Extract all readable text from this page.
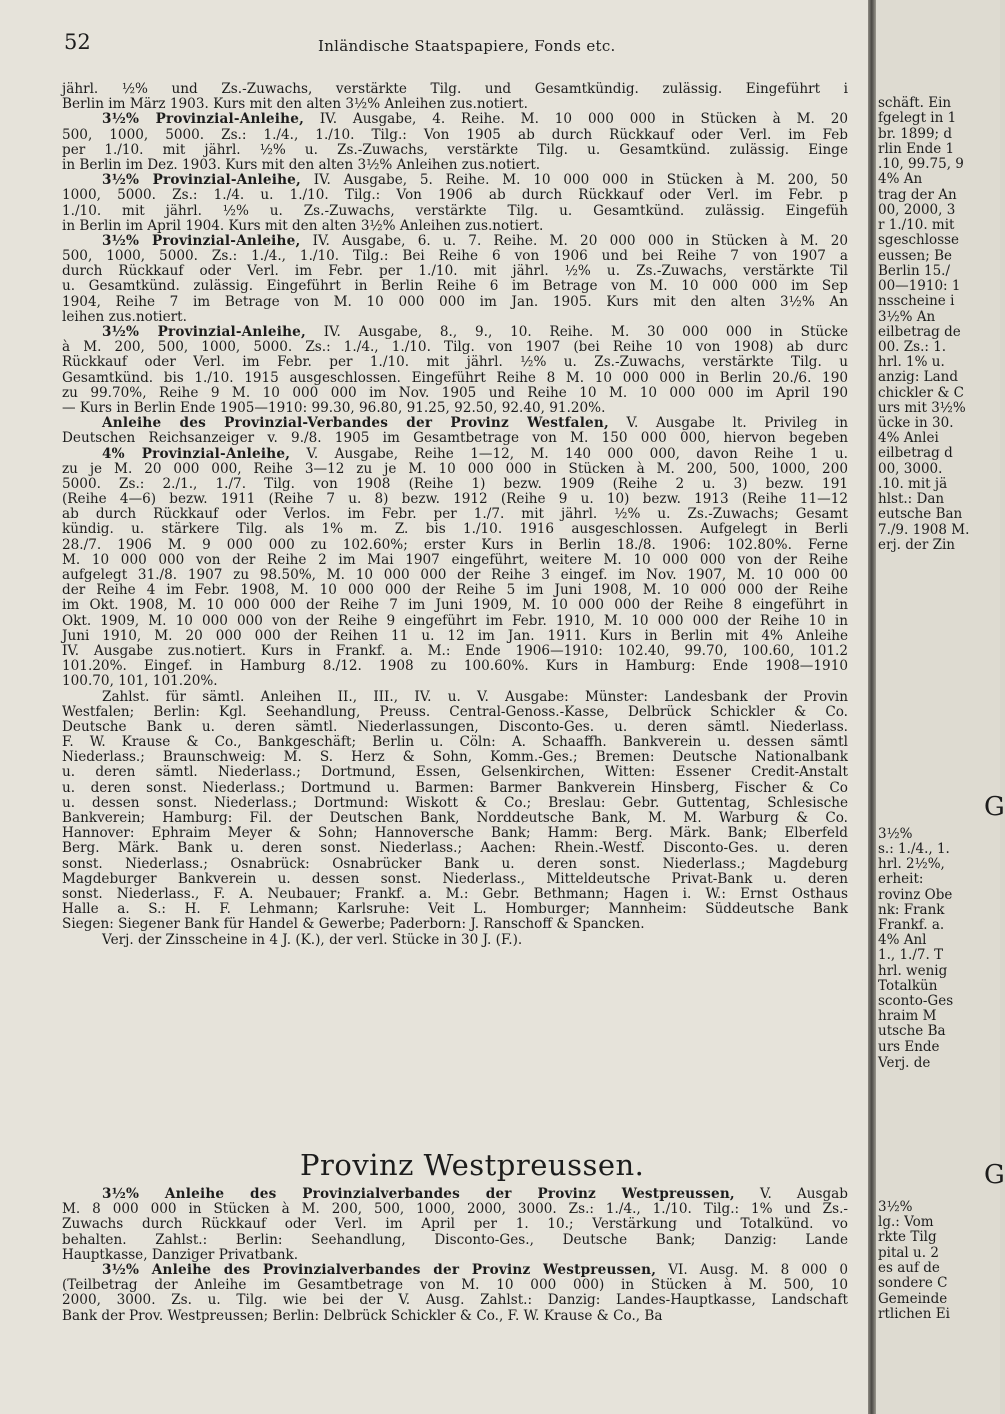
52	Inländische Staatspapiere, Fonds etc.
jährl. ½% und Zs.-Zuwachs, verstärkte Tilg. und Gesamtkündig. zulässig. Eingeführt i
Berlin im März 1903. Kurs mit den alten 3½% Anleihen zus.notiert.
3½% Provinzial-Anleihe, IV. Ausgabe, 4. Reihe. M. 10 000 000 in Stücken à M. 20
500, 1000, 5000. Zs.: 1./4., 1./10. Tilg.: Von 1905 ab durch Rückkauf oder Verl. im Feb
per 1./10. mit jährl. ½% u. Zs.-Zuwachs, verstärkte Tilg. u. Gesamtkünd. zulässig. Einge
in Berlin im Dez. 1903. Kurs mit den alten 3½% Anleihen zus.notiert.
3½% Provinzial-Anleihe, IV. Ausgabe, 5. Reihe. M. 10 000 000 in Stücken à M. 200, 50
1000, 5000. Zs.: 1./4. u. 1./10. Tilg.: Von 1906 ab durch Rückkauf oder Verl. im Febr. p
1./10. mit jährl. ½% u. Zs.-Zuwachs, verstärkte Tilg. u. Gesamtkünd. zulässig. Eingefüh
in Berlin im April 1904. Kurs mit den alten 3½% Anleihen zus.notiert.
3½% Provinzial-Anleihe, IV. Ausgabe, 6. u. 7. Reihe. M. 20 000 000 in Stücken à M. 20
500, 1000, 5000. Zs.: 1./4., 1./10. Tilg.: Bei Reihe 6 von 1906 und bei Reihe 7 von 1907 a
durch Rückkauf oder Verl. im Febr. per 1./10. mit jährl. ½% u. Zs.-Zuwachs, verstärkte Til
u. Gesamtkünd. zulässig. Eingeführt in Berlin Reihe 6 im Betrage von M. 10 000 000 im Sep
1904, Reihe 7 im Betrage von M. 10 000 000 im Jan. 1905. Kurs mit den alten 3½% An
leihen zus.notiert.
3½% Provinzial-Anleihe, IV. Ausgabe, 8., 9., 10. Reihe. M. 30 000 000 in Stücke
à M. 200, 500, 1000, 5000. Zs.: 1./4., 1./10. Tilg. von 1907 (bei Reihe 10 von 1908) ab durc
Rückkauf oder Verl. im Febr. per 1./10. mit jährl. ½% u. Zs.-Zuwachs, verstärkte Tilg. u
Gesamtkünd. bis 1./10. 1915 ausgeschlossen. Eingeführt Reihe 8 M. 10 000 000 in Berlin 20./6. 190
zu 99.70%, Reihe 9 M. 10 000 000 im Nov. 1905 und Reihe 10 M. 10 000 000 im April 190
— Kurs in Berlin Ende 1905—1910: 99.30, 96.80, 91.25, 92.50, 92.40, 91.20%.
Anleihe des Provinzial-Verbandes der Provinz Westfalen, V. Ausgabe lt. Privileg in
Deutschen Reichsanzeiger v. 9./8. 1905 im Gesamtbetrage von M. 150 000 000, hiervon begeben
4% Provinzial-Anleihe, V. Ausgabe, Reihe 1—12, M. 140 000 000, davon Reihe 1 u.
zu je M. 20 000 000, Reihe 3—12 zu je M. 10 000 000 in Stücken à M. 200, 500, 1000, 200
5000. Zs.: 2./1., 1./7. Tilg. von 1908 (Reihe 1) bezw. 1909 (Reihe 2 u. 3) bezw. 191
(Reihe 4—6) bezw. 1911 (Reihe 7 u. 8) bezw. 1912 (Reihe 9 u. 10) bezw. 1913 (Reihe 11—12
ab durch Rückkauf oder Verlos. im Febr. per 1./7. mit jährl. ½% u. Zs.-Zuwachs; Gesamt
kündig. u. stärkere Tilg. als 1% m. Z. bis 1./10. 1916 ausgeschlossen. Aufgelegt in Berli
28./7. 1906 M. 9 000 000 zu 102.60%; erster Kurs in Berlin 18./8. 1906: 102.80%. Ferne
M. 10 000 000 von der Reihe 2 im Mai 1907 eingeführt, weitere M. 10 000 000 von der Reihe
aufgelegt 31./8. 1907 zu 98.50%, M. 10 000 000 der Reihe 3 eingef. im Nov. 1907, M. 10 000 00
der Reihe 4 im Febr. 1908, M. 10 000 000 der Reihe 5 im Juni 1908, M. 10 000 000 der Reihe
im Okt. 1908, M. 10 000 000 der Reihe 7 im Juni 1909, M. 10 000 000 der Reihe 8 eingeführt in
Okt. 1909, M. 10 000 000 von der Reihe 9 eingeführt im Febr. 1910, M. 10 000 000 der Reihe 10 in
Juni 1910, M. 20 000 000 der Reihen 11 u. 12 im Jan. 1911. Kurs in Berlin mit 4% Anleihe
IV. Ausgabe zus.notiert. Kurs in Frankf. a. M.: Ende 1906—1910: 102.40, 99.70, 100.60, 101.2
101.20%. Eingef. in Hamburg 8./12. 1908 zu 100.60%. Kurs in Hamburg: Ende 1908—1910
100.70, 101, 101.20%.
Zahlst. für sämtl. Anleihen II., III., IV. u. V. Ausgabe: Münster: Landesbank der Provin
Westfalen; Berlin: Kgl. Seehandlung, Preuss. Central-Genoss.-Kasse, Delbrück Schickler & Co.
Deutsche Bank u. deren sämtl. Niederlassungen, Disconto-Ges. u. deren sämtl. Niederlass.
F. W. Krause & Co., Bankgeschäft; Berlin u. Cöln: A. Schaaffh. Bankverein u. dessen sämtl
Niederlass.; Braunschweig: M. S. Herz & Sohn, Komm.-Ges.; Bremen: Deutsche Nationalbank
u. deren sämtl. Niederlass.; Dortmund, Essen, Gelsenkirchen, Witten: Essener Credit-Anstalt
u. deren sonst. Niederlass.; Dortmund u. Barmen: Barmer Bankverein Hinsberg, Fischer & Co
u. dessen sonst. Niederlass.; Dortmund: Wiskott & Co.; Breslau: Gebr. Guttentag, Schlesische
Bankverein; Hamburg: Fil. der Deutschen Bank, Norddeutsche Bank, M. M. Warburg & Co.
Hannover: Ephraim Meyer & Sohn; Hannoversche Bank; Hamm: Berg. Märk. Bank; Elberfeld
Berg. Märk. Bank u. deren sonst. Niederlass.; Aachen: Rhein.-Westf. Disconto-Ges. u. deren
sonst. Niederlass.; Osnabrück: Osnabrücker Bank u. deren sonst. Niederlass.; Magdeburg
Magdeburger Bankverein u. dessen sonst. Niederlass., Mitteldeutsche Privat-Bank u. deren
sonst. Niederlass., F. A. Neubauer; Frankf. a. M.: Gebr. Bethmann; Hagen i. W.: Ernst Osthaus
Halle a. S.: H. F. Lehmann; Karlsruhe: Veit L. Homburger; Mannheim: Süddeutsche Bank
Siegen: Siegener Bank für Handel & Gewerbe; Paderborn: J. Ranschoff & Spancken.
Verj. der Zinsscheine in 4 J. (K.), der verl. Stücke in 30 J. (F.).
Provinz Westpreussen.
3½% Anleihe des Provinzialverbandes der Provinz Westpreussen, V. Ausgab
M. 8 000 000 in Stücken à M. 200, 500, 1000, 2000, 3000. Zs.: 1./4., 1./10. Tilg.: 1% und Zs.-
Zuwachs durch Rückkauf oder Verl. im April per 1. 10.; Verstärkung und Totalkünd. vo
behalten. Zahlst.: Berlin: Seehandlung, Disconto-Ges., Deutsche Bank; Danzig: Lande
Hauptkasse, Danziger Privatbank.
3½% Anleihe des Provinzialverbandes der Provinz Westpreussen, VI. Ausg. M. 8 000 0
(Teilbetrag der Anleihe im Gesamtbetrage von M. 10 000 000) in Stücken à M. 500, 10
2000, 3000. Zs. u. Tilg. wie bei der V. Ausg. Zahlst.: Danzig: Landes-Hauptkasse, Landschaft
Bank der Prov. Westpreussen; Berlin: Delbrück Schickler & Co., F. W. Krause & Co., Ba
schäft. Ein
fgelegt in 1
br. 1899; d
rlin Ende 1
.10, 99.75, 9
4% An
trag der An
00, 2000, 3
r 1./10. mit
sgeschlosse
eussen; Be
Berlin 15./
00—1910: 1
nsscheine i
3½% An
eilbetrag de
00. Zs.: 1.
hrl. 1% u.
anzig: Land
chickler & C
urs mit 3½%
ücke in 30.
4% Anlei
eilbetrag d
00, 3000.
.10. mit jä
hlst.: Dan
eutsche Ban
7./9. 1908 M.
erj. der Zin
3½%
s.: 1./4., 1.
hrl. 2½%,
erheit:
rovinz Obe
nk: Frank
Frankf. a.
4% Anl
1., 1./7. T
hrl. wenig
Totalkün
sconto-Ges
hraim M
utsche Ba
urs Ende
Verj. de
3½%
lg.: Vom
rkte Tilg
pital u. 2
es auf de
sondere C
Gemeinde
rtlichen Ei
G
G
